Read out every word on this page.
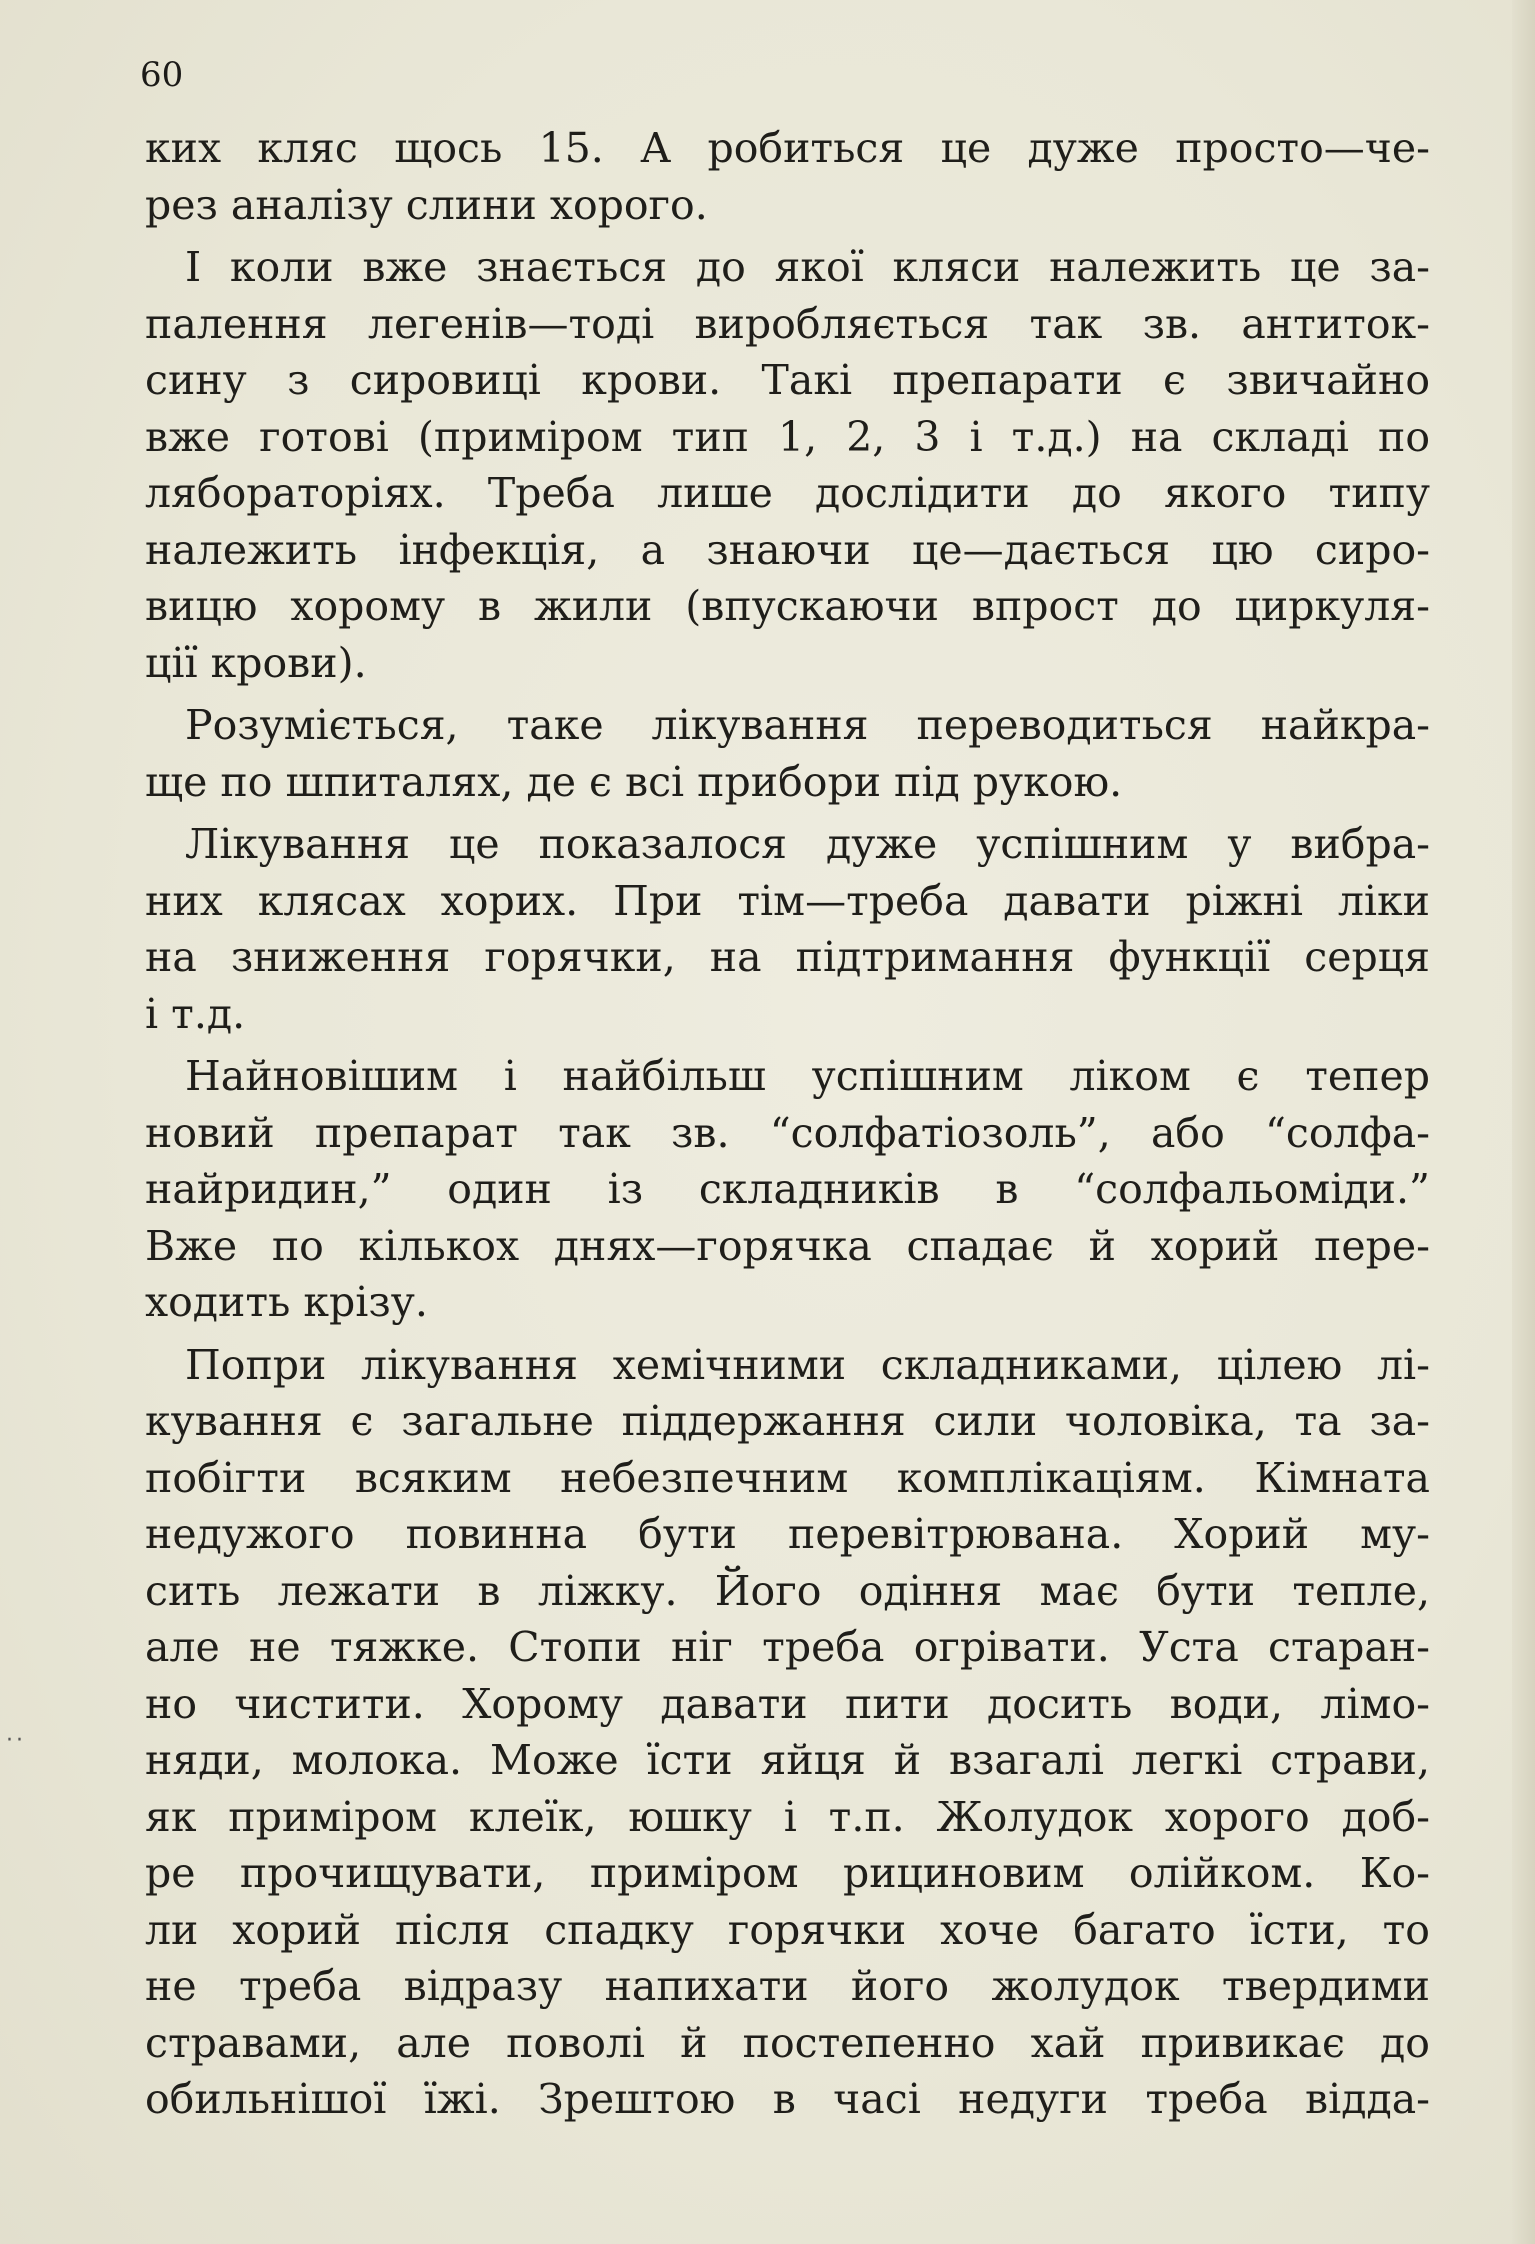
60
··
ких кляс щось 15. А робиться це дуже просто—че-
рез аналізу слини хорого.
І коли вже знається до якої кляси належить це за-
палення легенів—тоді виробляється так зв. антиток-
сину з сировиці крови. Такі препарати є звичайно
вже готові (приміром тип 1, 2, 3 і т.д.) на складі по
лябораторіях. Треба лише дослідити до якого типу
належить інфекція, а знаючи це—дається цю сиро-
вицю хорому в жили (впускаючи впрост до циркуля-
ції крови).
Розуміється, таке лікування переводиться найкра-
ще по шпиталях, де є всі прибори під рукою.
Лікування це показалося дуже успішним у вибра-
них клясах хорих. При тім—треба давати ріжні ліки
на зниження горячки, на підтримання функції серця
і т.д.
Найновішим і найбільш успішним ліком є тепер
новий препарат так зв. “солфатіозоль”, або “солфа-
найридин,” один із складників в “солфальоміди.”
Вже по кількох днях—горячка спадає й хорий пере-
ходить крізу.
Попри лікування хемічними складниками, цілею лі-
кування є загальне піддержання сили чоловіка, та за-
побігти всяким небезпечним комплікаціям. Кімната
недужого повинна бути перевітрювана. Хорий му-
сить лежати в ліжку. Його одіння має бути тепле,
але не тяжке. Стопи ніг треба огрівати. Уста старан-
но чистити. Хорому давати пити досить води, лімо-
няди, молока. Може їсти яйця й взагалі легкі страви,
як приміром клеїк, юшку і т.п. Жолудок хорого доб-
ре прочищувати, приміром рициновим олійком. Ко-
ли хорий після спадку горячки хоче багато їсти, то
не треба відразу напихати його жолудок твердими
стравами, але поволі й постепенно хай привикає до
обильнішої їжі. Зрештою в часі недуги треба відда-
